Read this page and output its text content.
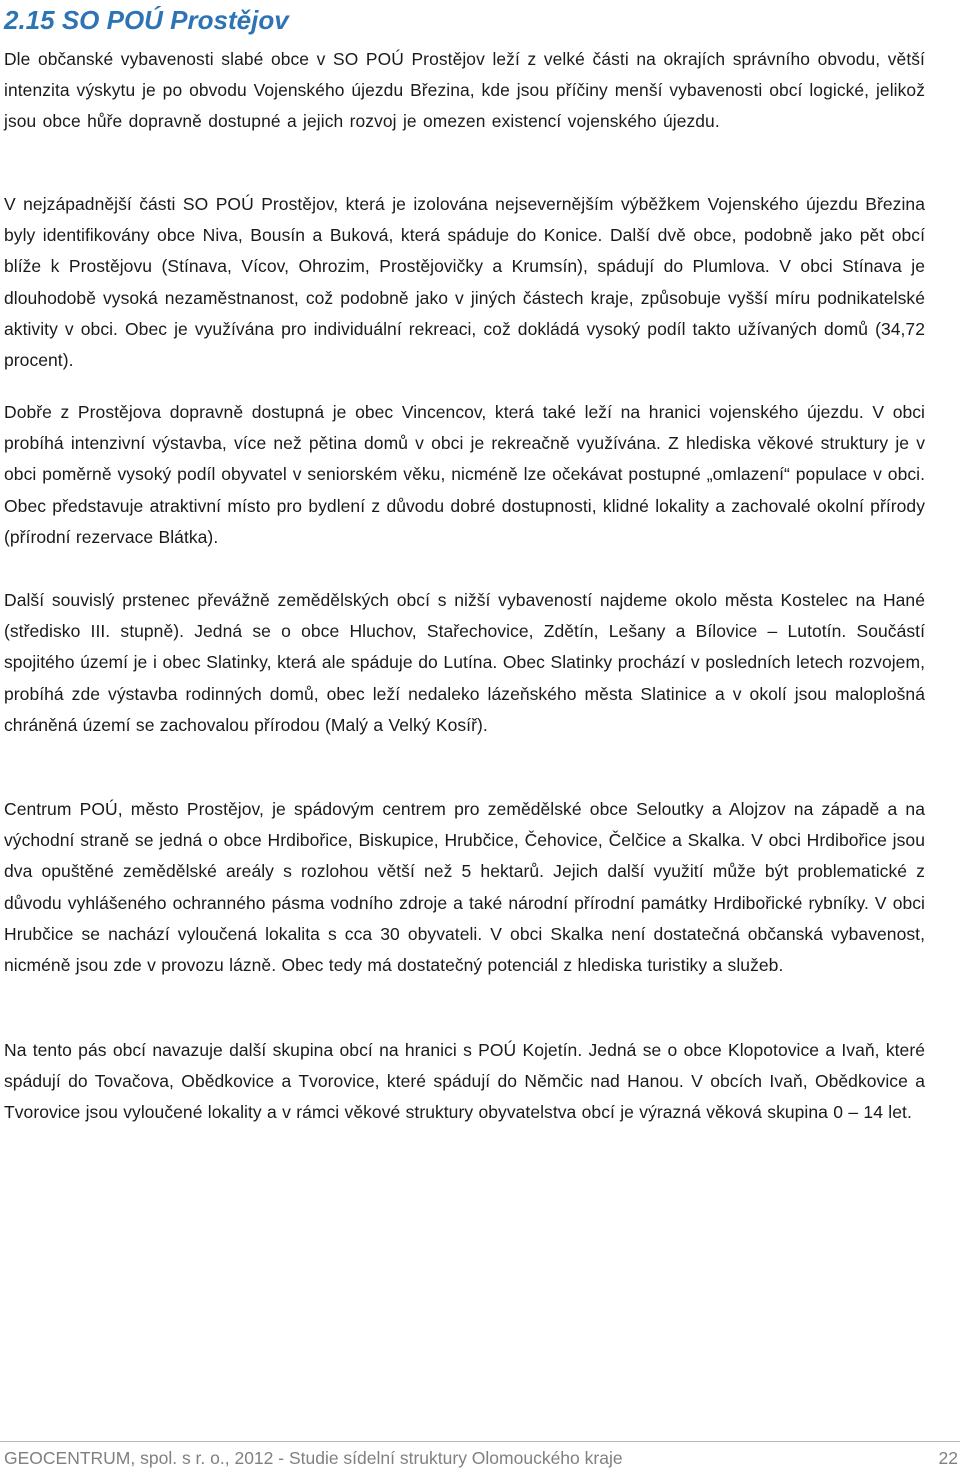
2.15 SO POÚ Prostějov

Dle občanské vybavenosti slabé obce v SO POÚ Prostějov leží z velké části na okrajích správního obvodu, větší intenzita výskytu je po obvodu Vojenského újezdu Březina, kde jsou příčiny menší vybavenosti obcí logické, jelikož jsou obce hůře dopravně dostupné a jejich rozvoj je omezen existencí vojenského újezdu.

V nejzápadnější části SO POÚ Prostějov, která je izolována nejsevernějším výběžkem Vojenského újezdu Březina byly identifikovány obce Niva, Bousín a Buková, která spáduje do Konice. Další dvě obce, podobně jako pět obcí blíže k Prostějovu (Stínava, Vícov, Ohrozim, Prostějovičky a Krumsín), spádují do Plumlova. V obci Stínava je dlouhodobě vysoká nezaměstnanost, což podobně jako v jiných částech kraje, způsobuje vyšší míru podnikatelské aktivity v obci. Obec je využívána pro individuální rekreaci, což dokládá vysoký podíl takto užívaných domů (34,72 procent).

Dobře z Prostějova dopravně dostupná je obec Vincencov, která také leží na hranici vojenského újezdu. V obci probíhá intenzivní výstavba, více než pětina domů v obci je rekreačně využívána. Z hlediska věkové struktury je v obci poměrně vysoký podíl obyvatel v seniorském věku, nicméně lze očekávat postupné „omlazení“ populace v obci. Obec představuje atraktivní místo pro bydlení z důvodu dobré dostupnosti, klidné lokality a zachovalé okolní přírody (přírodní rezervace Blátka).

Další souvislý prstenec převážně zemědělských obcí s nižší vybaveností najdeme okolo města Kostelec na Hané (středisko III. stupně). Jedná se o obce Hluchov, Stařechovice, Zdětín, Lešany a Bílovice – Lutotín. Součástí spojitého území je i obec Slatinky, která ale spáduje do Lutína. Obec Slatinky prochází v posledních letech rozvojem, probíhá zde výstavba rodinných domů, obec leží nedaleko lázeňského města Slatinice a v okolí jsou maloplošná chráněná území se zachovalou přírodou (Malý a Velký Kosíř).

Centrum POÚ, město Prostějov, je spádovým centrem pro zemědělské obce Seloutky a Alojzov na západě a na východní straně se jedná o obce Hrdibořice, Biskupice, Hrubčice, Čehovice, Čelčice a Skalka. V obci Hrdibořice jsou dva opuštěné zemědělské areály s rozlohou větší než 5 hektarů. Jejich další využití může být problematické z důvodu vyhlášeného ochranného pásma vodního zdroje a také národní přírodní památky Hrdibořické rybníky. V obci Hrubčice se nachází vyloučená lokalita s cca 30 obyvateli. V obci Skalka není dostatečná občanská vybavenost, nicméně jsou zde v provozu lázně. Obec tedy má dostatečný potenciál z hlediska turistiky a služeb.

Na tento pás obcí navazuje další skupina obcí na hranici s POÚ Kojetín. Jedná se o obce Klopotovice a Ivaň, které spádují do Tovačova, Obědkovice a Tvorovice, které spádují do Němčic nad Hanou. V obcích Ivaň, Obědkovice a Tvorovice jsou vyloučené lokality a v rámci věkové struktury obyvatelstva obcí je výrazná věková skupina 0 – 14 let.

GEOCENTRUM, spol. s r. o., 2012 - Studie sídelní struktury Olomouckého kraje	22
